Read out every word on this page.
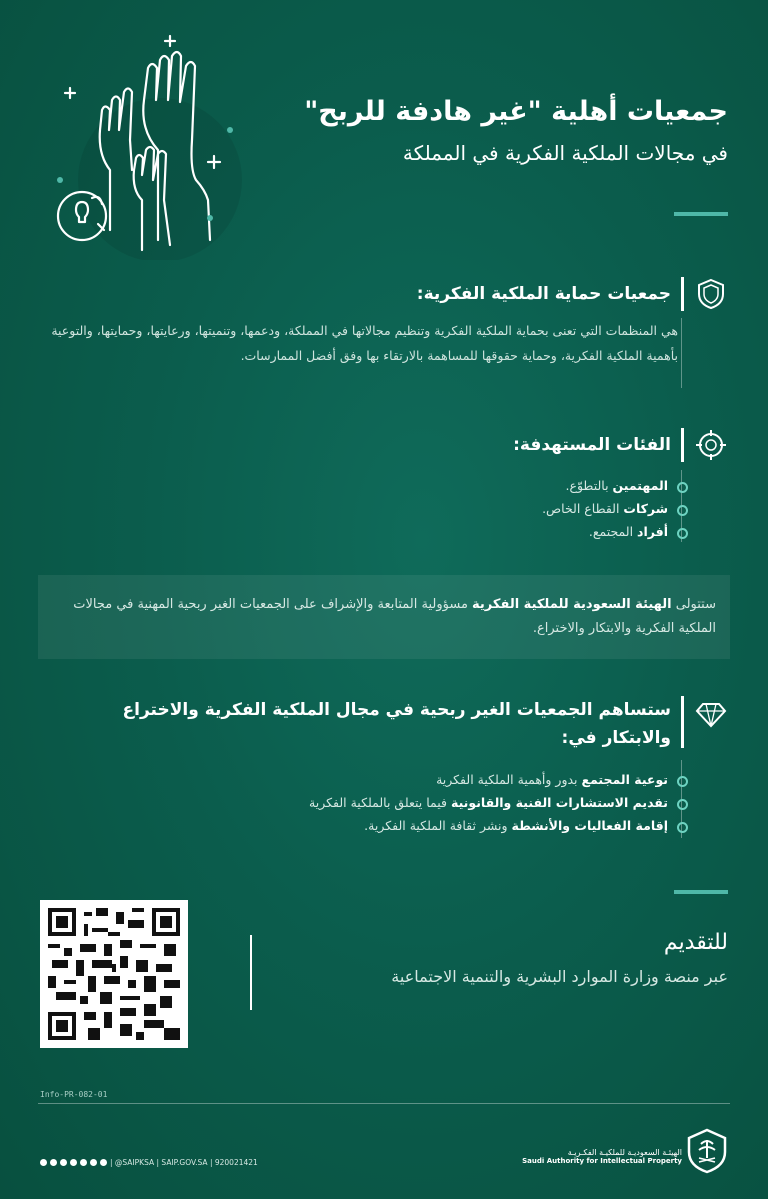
جمعيات أهلية "غير هادفة للربح"
في مجالات الملكية الفكرية في المملكة
جمعيات حماية الملكية الفكرية:
هي المنظمات التي تعنى بحماية الملكية الفكرية وتنظيم مجالاتها في المملكة، ودعمها، وتنميتها، ورعايتها، وحمايتها، والتوعية بأهمية الملكية الفكرية، وحماية حقوقها للمساهمة بالارتقاء بها وفق أفضل الممارسات.
الفئات المستهدفة:
المهتمين بالتطوّع.
شركات القطاع الخاص.
أفراد المجتمع.
ستتولى الهيئة السعودية للملكية الفكرية مسؤولية المتابعة والإشراف على الجمعيات الغير ربحية المهنية في مجالات الملكية الفكرية والابتكار والاختراع.
ستساهم الجمعيات الغير ربحية في مجال الملكية الفكرية والاختراع والابتكار في:
توعية المجتمع بدور وأهمية الملكية الفكرية
تقديم الاستشارات الفنية والقانونية فيما يتعلق بالملكية الفكرية
إقامة الفعاليات والأنشطة ونشر ثقافة الملكية الفكرية.
للتقديم
عبر منصة وزارة الموارد البشرية والتنمية الاجتماعية
Info-PR-082-01
| @SAIPKSA | SAIP.GOV.SA | 920021421
الهيئـة السعوديـة للملكيـة الفكـريـة
Saudi Authority for Intellectual Property
